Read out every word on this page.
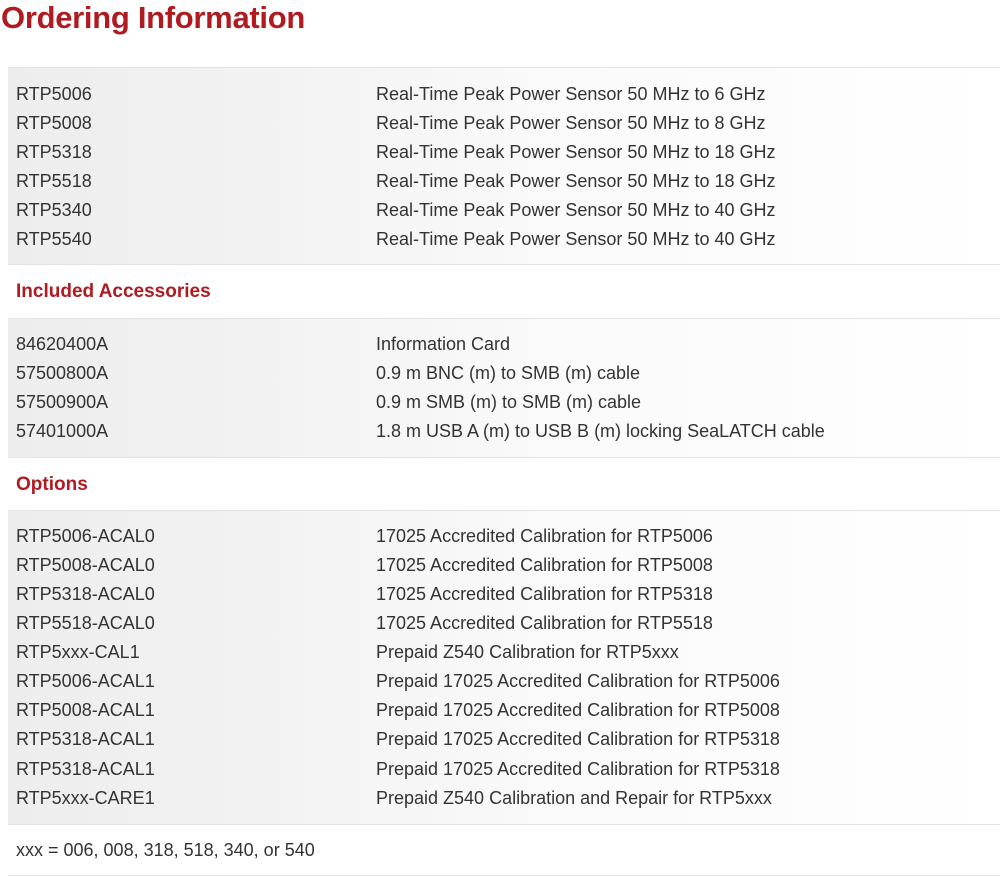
Ordering Information
RTP5006	Real-Time Peak Power Sensor 50 MHz to 6 GHz
RTP5008	Real-Time Peak Power Sensor 50 MHz to 8 GHz
RTP5318	Real-Time Peak Power Sensor 50 MHz to 18 GHz
RTP5518	Real-Time Peak Power Sensor 50 MHz to 18 GHz
RTP5340	Real-Time Peak Power Sensor 50 MHz to 40 GHz
RTP5540	Real-Time Peak Power Sensor 50 MHz to 40 GHz
Included Accessories
84620400A	Information Card
57500800A	0.9 m BNC (m) to SMB (m) cable
57500900A	0.9 m SMB (m) to SMB (m) cable
57401000A	1.8 m USB A (m) to USB B (m) locking SeaLATCH cable
Options
RTP5006-ACAL0	17025 Accredited Calibration for RTP5006
RTP5008-ACAL0	17025 Accredited Calibration for RTP5008
RTP5318-ACAL0	17025 Accredited Calibration for RTP5318
RTP5518-ACAL0	17025 Accredited Calibration for RTP5518
RTP5xxx-CAL1	Prepaid Z540 Calibration for RTP5xxx
RTP5006-ACAL1	Prepaid 17025 Accredited Calibration for RTP5006
RTP5008-ACAL1	Prepaid 17025 Accredited Calibration for RTP5008
RTP5318-ACAL1	Prepaid 17025 Accredited Calibration for RTP5318
RTP5318-ACAL1	Prepaid 17025 Accredited Calibration for RTP5318
RTP5xxx-CARE1	Prepaid Z540 Calibration and Repair for RTP5xxx
xxx = 006, 008, 318, 518, 340, or 540
